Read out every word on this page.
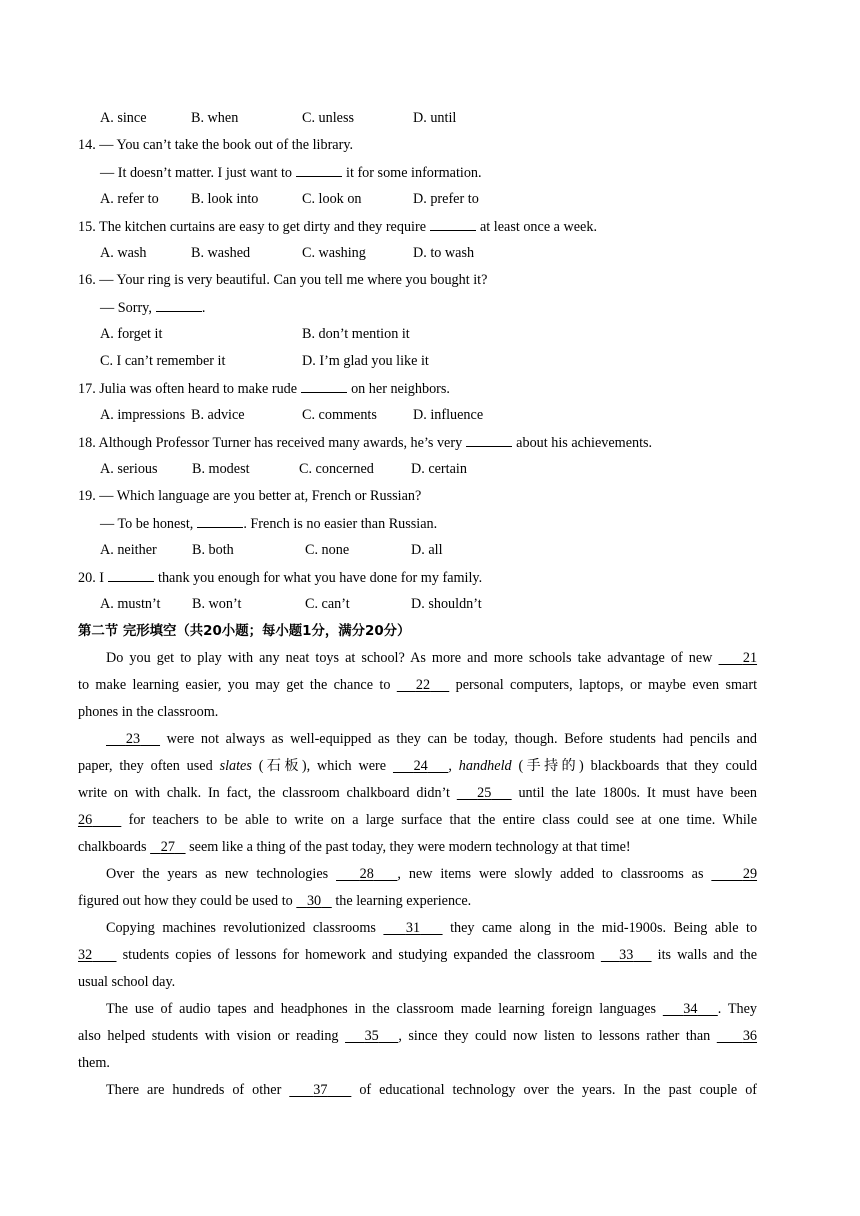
A. since	B. when	C. unless	D. until
14. — You can’t take the book out of the library.
— It doesn’t matter. I just want to	it for some information.
A. refer to B. look into	C. look on	D. prefer to
15. The kitchen curtains are easy to get dirty and they require	at least once a week.
A. wash	B. washed	C. washing	D. to wash
16. — Your ring is very beautiful. Can you tell me where you bought it?
— Sorry,	.
A. forget it	B. don’t mention it
C. I can’t remember it	D. I’m glad you like it
17. Julia was often heard to make rude	on her neighbors.
A. impressions B. advice	C. comments	D. influence
18. Although Professor Turner has received many awards, he’s very	about his achievements.
A. serious B. modest	C. concerned	D. certain
19. — Which language are you better at, French or Russian?
— To be honest,	. French is no easier than Russian.
A. neither B. both	C. none	D. all
20. I	thank you enough for what you have done for my family.
A. mustn’t B. won’t	C. can’t	D. shouldn’t
第二节 完形填空（共20小题；每小题1分，满分20分）
Do you get to play with any neat toys at school? As more and more schools take advantage of new 21
to make learning easier, you may get the chance to 22 personal computers, laptops, or maybe even smart
phones in the classroom.
23 were not always as well-equipped as they can be today, though. Before students had pencils and
paper, they often used slates (石板), which were 24 , handheld (手持的) blackboards that they could
write on with chalk. In fact, the classroom chalkboard didn’t 25 until the late 1800s. It must have been
26	for teachers to be able to write on a large surface that the entire class could see at one time. While
chalkboards 27 seem like a thing of the past today, they were modern technology at that time!
Over the years as new technologies 28 , new items were slowly added to classrooms as	29
figured out how they could be used to 30 the learning experience.
Copying machines revolutionized classrooms 31 they came along in the mid-1900s. Being able to
32 students copies of lessons for homework and studying expanded the classroom 33 its walls and the
usual school day.
The use of audio tapes and headphones in the classroom made learning foreign languages 34 . They
also helped students with vision or reading 35 , since they could now listen to lessons rather than 36
them.
There are hundreds of other 37 of educational technology over the years. In the past couple of
